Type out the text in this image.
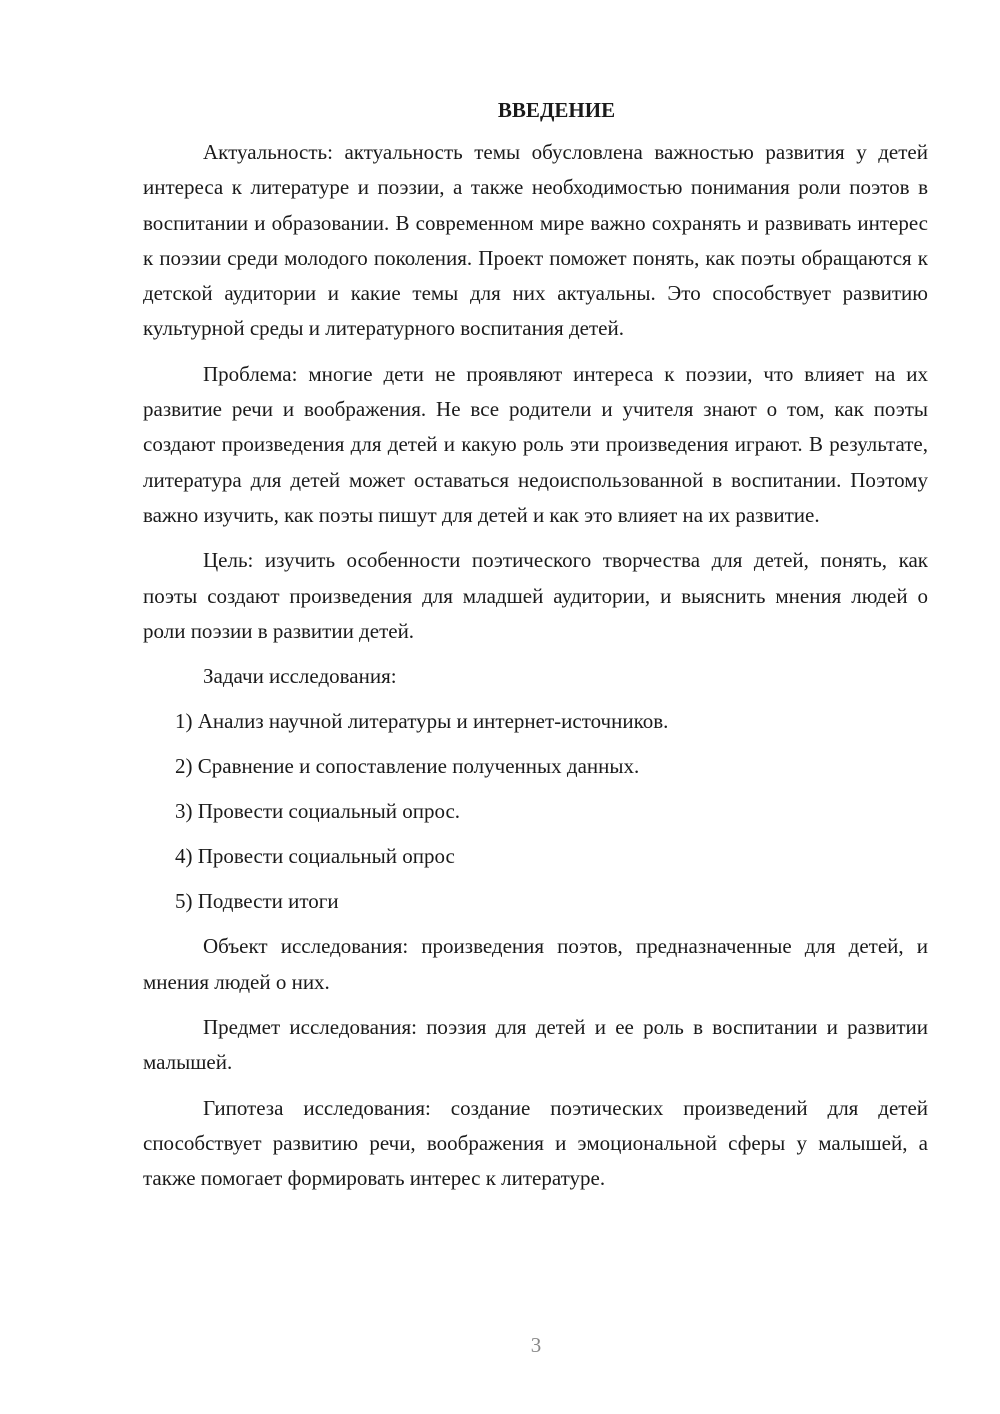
ВВЕДЕНИЕ

Актуальность: актуальность темы обусловлена важностью развития у детей интереса к литературе и поэзии, а также необходимостью понимания роли поэтов в воспитании и образовании. В современном мире важно сохранять и развивать интерес к поэзии среди молодого поколения. Проект поможет понять, как поэты обращаются к детской аудитории и какие темы для них актуальны. Это способствует развитию культурной среды и литературного воспитания детей.

Проблема: многие дети не проявляют интереса к поэзии, что влияет на их развитие речи и воображения. Не все родители и учителя знают о том, как поэты создают произведения для детей и какую роль эти произведения играют. В результате, литература для детей может оставаться недоиспользованной в воспитании. Поэтому важно изучить, как поэты пишут для детей и как это влияет на их развитие.

Цель: изучить особенности поэтического творчества для детей, понять, как поэты создают произведения для младшей аудитории, и выяснить мнения людей о роли поэзии в развитии детей.

Задачи исследования:

1) Анализ научной литературы и интернет-источников.
2) Сравнение и сопоставление полученных данных.
3) Провести социальный опрос.
4) Провести социальный опрос
5) Подвести итоги

Объект исследования: произведения поэтов, предназначенные для детей, и мнения людей о них.

Предмет исследования: поэзия для детей и ее роль в воспитании и развитии малышей.

Гипотеза исследования: создание поэтических произведений для детей способствует развитию речи, воображения и эмоциональной сферы у малышей, а также помогает формировать интерес к литературе.

3
